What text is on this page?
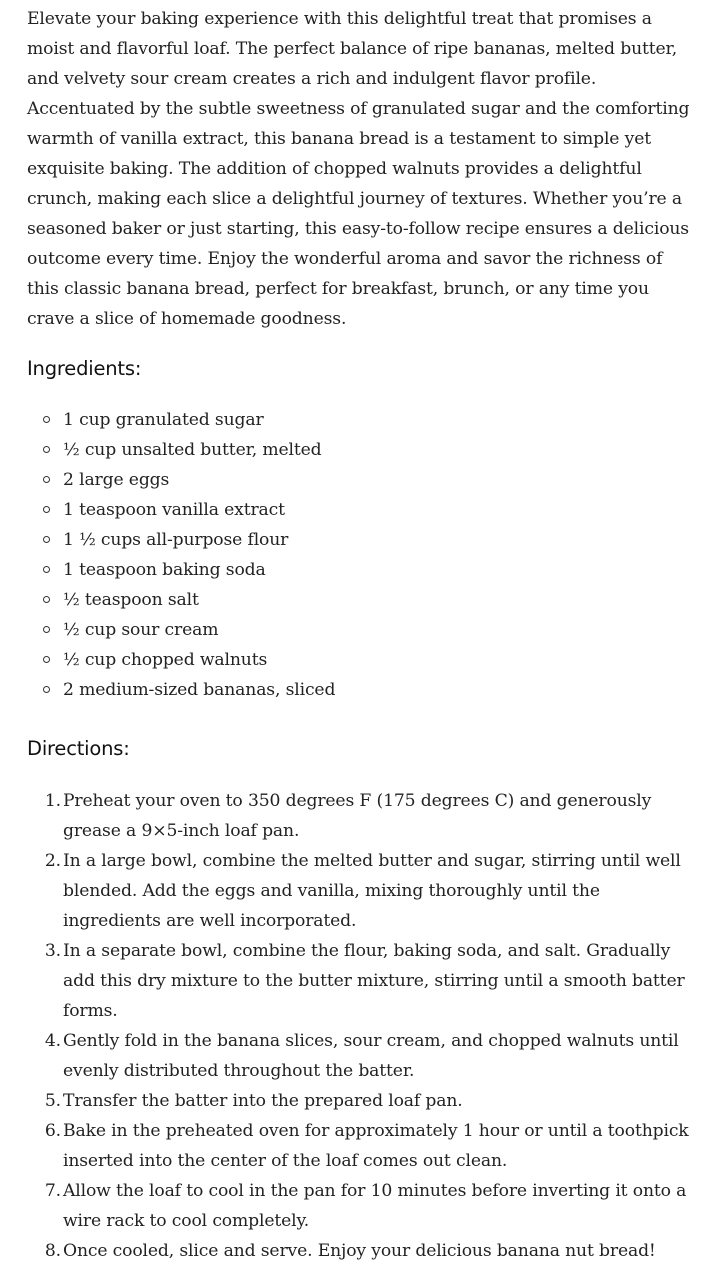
Elevate your baking experience with this delightful treat that promises a moist and flavorful loaf. The perfect balance of ripe bananas, melted butter, and velvety sour cream creates a rich and indulgent flavor profile. Accentuated by the subtle sweetness of granulated sugar and the comforting warmth of vanilla extract, this banana bread is a testament to simple yet exquisite baking. The addition of chopped walnuts provides a delightful crunch, making each slice a delightful journey of textures. Whether you’re a seasoned baker or just starting, this easy-to-follow recipe ensures a delicious outcome every time. Enjoy the wonderful aroma and savor the richness of this classic banana bread, perfect for breakfast, brunch, or any time you crave a slice of homemade goodness.

Ingredients:
1 cup granulated sugar
½ cup unsalted butter, melted
2 large eggs
1 teaspoon vanilla extract
1 ½ cups all-purpose flour
1 teaspoon baking soda
½ teaspoon salt
½ cup sour cream
½ cup chopped walnuts
2 medium-sized bananas, sliced
Directions:
1. Preheat your oven to 350 degrees F (175 degrees C) and generously grease a 9×5-inch loaf pan.
2. In a large bowl, combine the melted butter and sugar, stirring until well blended. Add the eggs and vanilla, mixing thoroughly until the ingredients are well incorporated.
3. In a separate bowl, combine the flour, baking soda, and salt. Gradually add this dry mixture to the butter mixture, stirring until a smooth batter forms.
4. Gently fold in the banana slices, sour cream, and chopped walnuts until evenly distributed throughout the batter.
5. Transfer the batter into the prepared loaf pan.
6. Bake in the preheated oven for approximately 1 hour or until a toothpick inserted into the center of the loaf comes out clean.
7. Allow the loaf to cool in the pan for 10 minutes before inverting it onto a wire rack to cool completely.
8. Once cooled, slice and serve. Enjoy your delicious banana nut bread!
